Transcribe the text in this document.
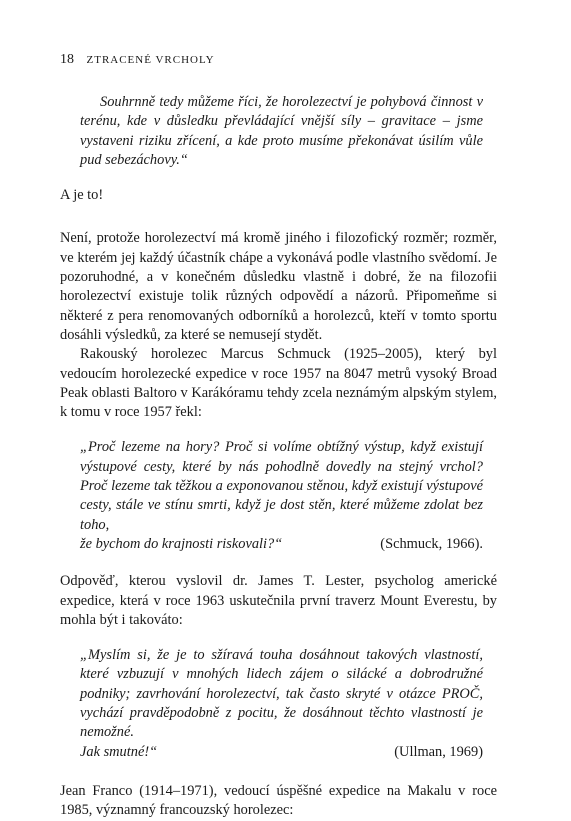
18 ZTRACENÉ VRCHOLY

Souhrnně tedy můžeme říci, že horolezectví je pohybová činnost v terénu, kde v důsledku převládající vnější síly – gravitace – jsme vystaveni riziku zřícení, a kde proto musíme překonávat úsilím vůle pud sebezáchovy.“

A je to!

Není, protože horolezectví má kromě jiného i filozofický rozměr; rozměr, ve kterém jej každý účastník chápe a vykonává podle vlastního svědomí. Je pozoruhodné, a v konečném důsledku vlastně i dobré, že na filozofii horolezectví existuje tolik různých odpovědí a názorů. Připomeňme si některé z pera renomovaných odborníků a horolezců, kteří v tomto sportu dosáhli výsledků, za které se nemusejí stydět.

Rakouský horolezec Marcus Schmuck (1925–2005), který byl vedoucím horolezecké expedice v roce 1957 na 8047 metrů vysoký Broad Peak oblasti Baltoro v Karákóramu tehdy zcela neznámým alpským stylem, k tomu v roce 1957 řekl:

„Proč lezeme na hory? Proč si volíme obtížný výstup, když existují výstupové cesty, které by nás pohodlně dovedly na stejný vrchol? Proč lezeme tak těžkou a exponovanou stěnou, když existují výstupové cesty, stále ve stínu smrti, když je dost stěn, které můžeme zdolat bez toho,

že bychom do krajnosti riskovali?“	(Schmuck, 1966).

Odpověď, kterou vyslovil dr. James T. Lester, psycholog americké expedice, která v roce 1963 uskutečnila první traverz Mount Everestu, by mohla být i takováto:

„Myslím si, že je to sžíravá touha dosáhnout takových vlastností, které vzbuzují v mnohých lidech zájem o silácké a dobrodružné podniky; zavrhování horolezectví, tak často skryté v otázce PROČ, vychází pravděpodobně z pocitu, že dosáhnout těchto vlastností je nemožné.

Jak smutné!“	(Ullman, 1969)

Jean Franco (1914–1971), vedoucí úspěšné expedice na Makalu v roce 1985, významný francouzský horolezec:
